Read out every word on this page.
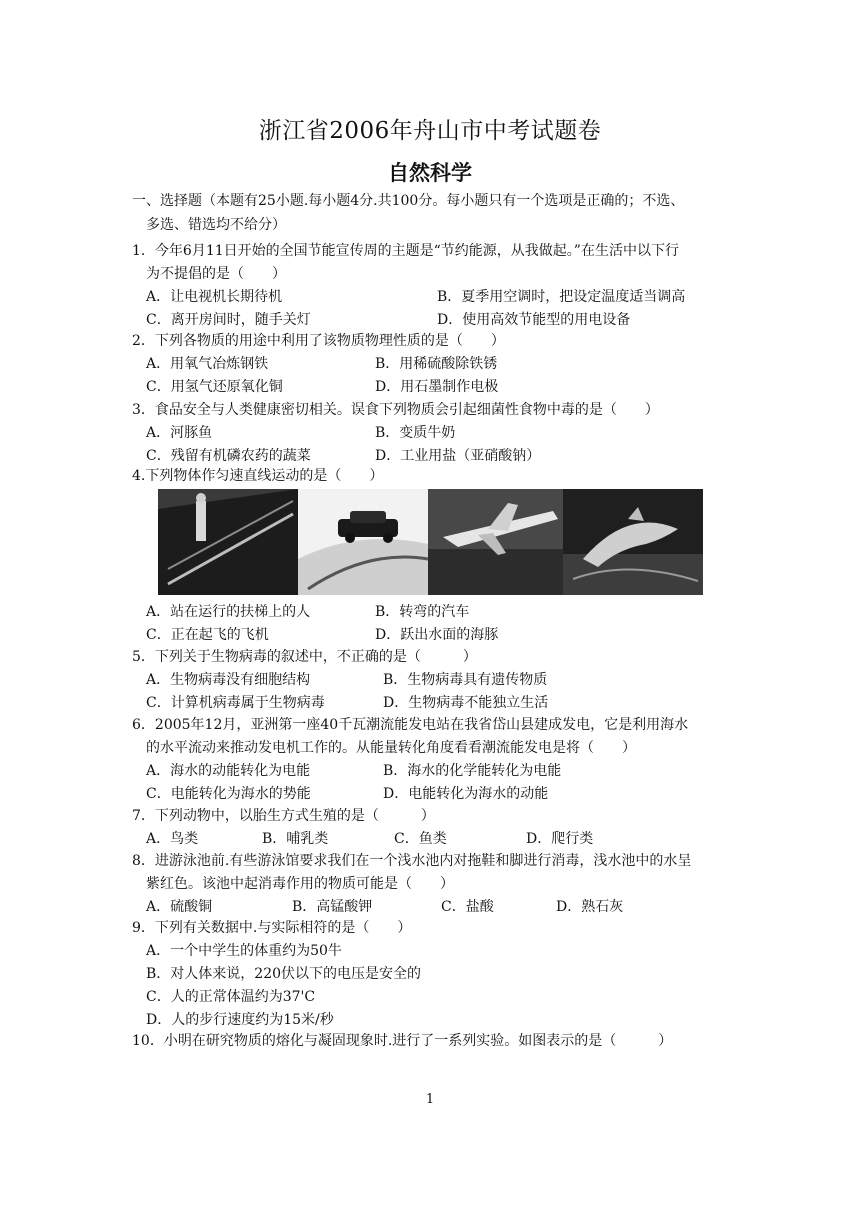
浙江省2006年舟山市中考试题卷
自然科学
一、选择题（本题有25小题.每小题4分.共100分。每小题只有一个选项是正确的；不选、
多选、错选均不给分）
1．今年6月11日开始的全国节能宣传周的主题是“节约能源，从我做起。”在生活中以下行
为不提倡的是（　　）
A．让电视机长期待机	B．夏季用空调时，把设定温度适当调高
C．离开房间时，随手关灯	D．使用高效节能型的用电设备
2．下列各物质的用途中利用了该物质物理性质的是（　　）
A．用氧气冶炼钢铁	B．用稀硫酸除铁锈
C．用氢气还原氧化铜	D．用石墨制作电极
3．食品安全与人类健康密切相关。误食下列物质会引起细菌性食物中毒的是（　　）
A．河豚鱼	B．变质牛奶
C．残留有机磷农药的蔬菜	D．工业用盐（亚硝酸钠）
4.下列物体作匀速直线运动的是（　　）
A．站在运行的扶梯上的人	B．转弯的汽车
C．正在起飞的飞机	D．跃出水面的海豚
5．下列关于生物病毒的叙述中，不正确的是（　　　）
A．生物病毒没有细胞结构	B．生物病毒具有遗传物质
C．计算机病毒属于生物病毒	D．生物病毒不能独立生活
6．2005年12月，亚洲第一座40千瓦潮流能发电站在我省岱山县建成发电，它是利用海水
的水平流动来推动发电机工作的。从能量转化角度看看潮流能发电是将（　　）
A．海水的动能转化为电能	B．海水的化学能转化为电能
C．电能转化为海水的势能	D．电能转化为海水的动能
7．下列动物中，以胎生方式生殖的是（　　　）
A．鸟类	B．哺乳类	C．鱼类	D．爬行类
8．进游泳池前.有些游泳馆要求我们在一个浅水池内对拖鞋和脚进行消毒，浅水池中的水呈
紫红色。该池中起消毒作用的物质可能是（　　）
A．硫酸铜	B．高锰酸钾	C．盐酸	D．熟石灰
9．下列有关数据中.与实际相符的是（　　）
A．一个中学生的体重约为50牛
B．对人体来说，220伏以下的电压是安全的
C．人的正常体温约为37'C
D．人的步行速度约为15米/秒
10．小明在研究物质的熔化与凝固现象时.进行了一系列实验。如图表示的是（　　　）
1
